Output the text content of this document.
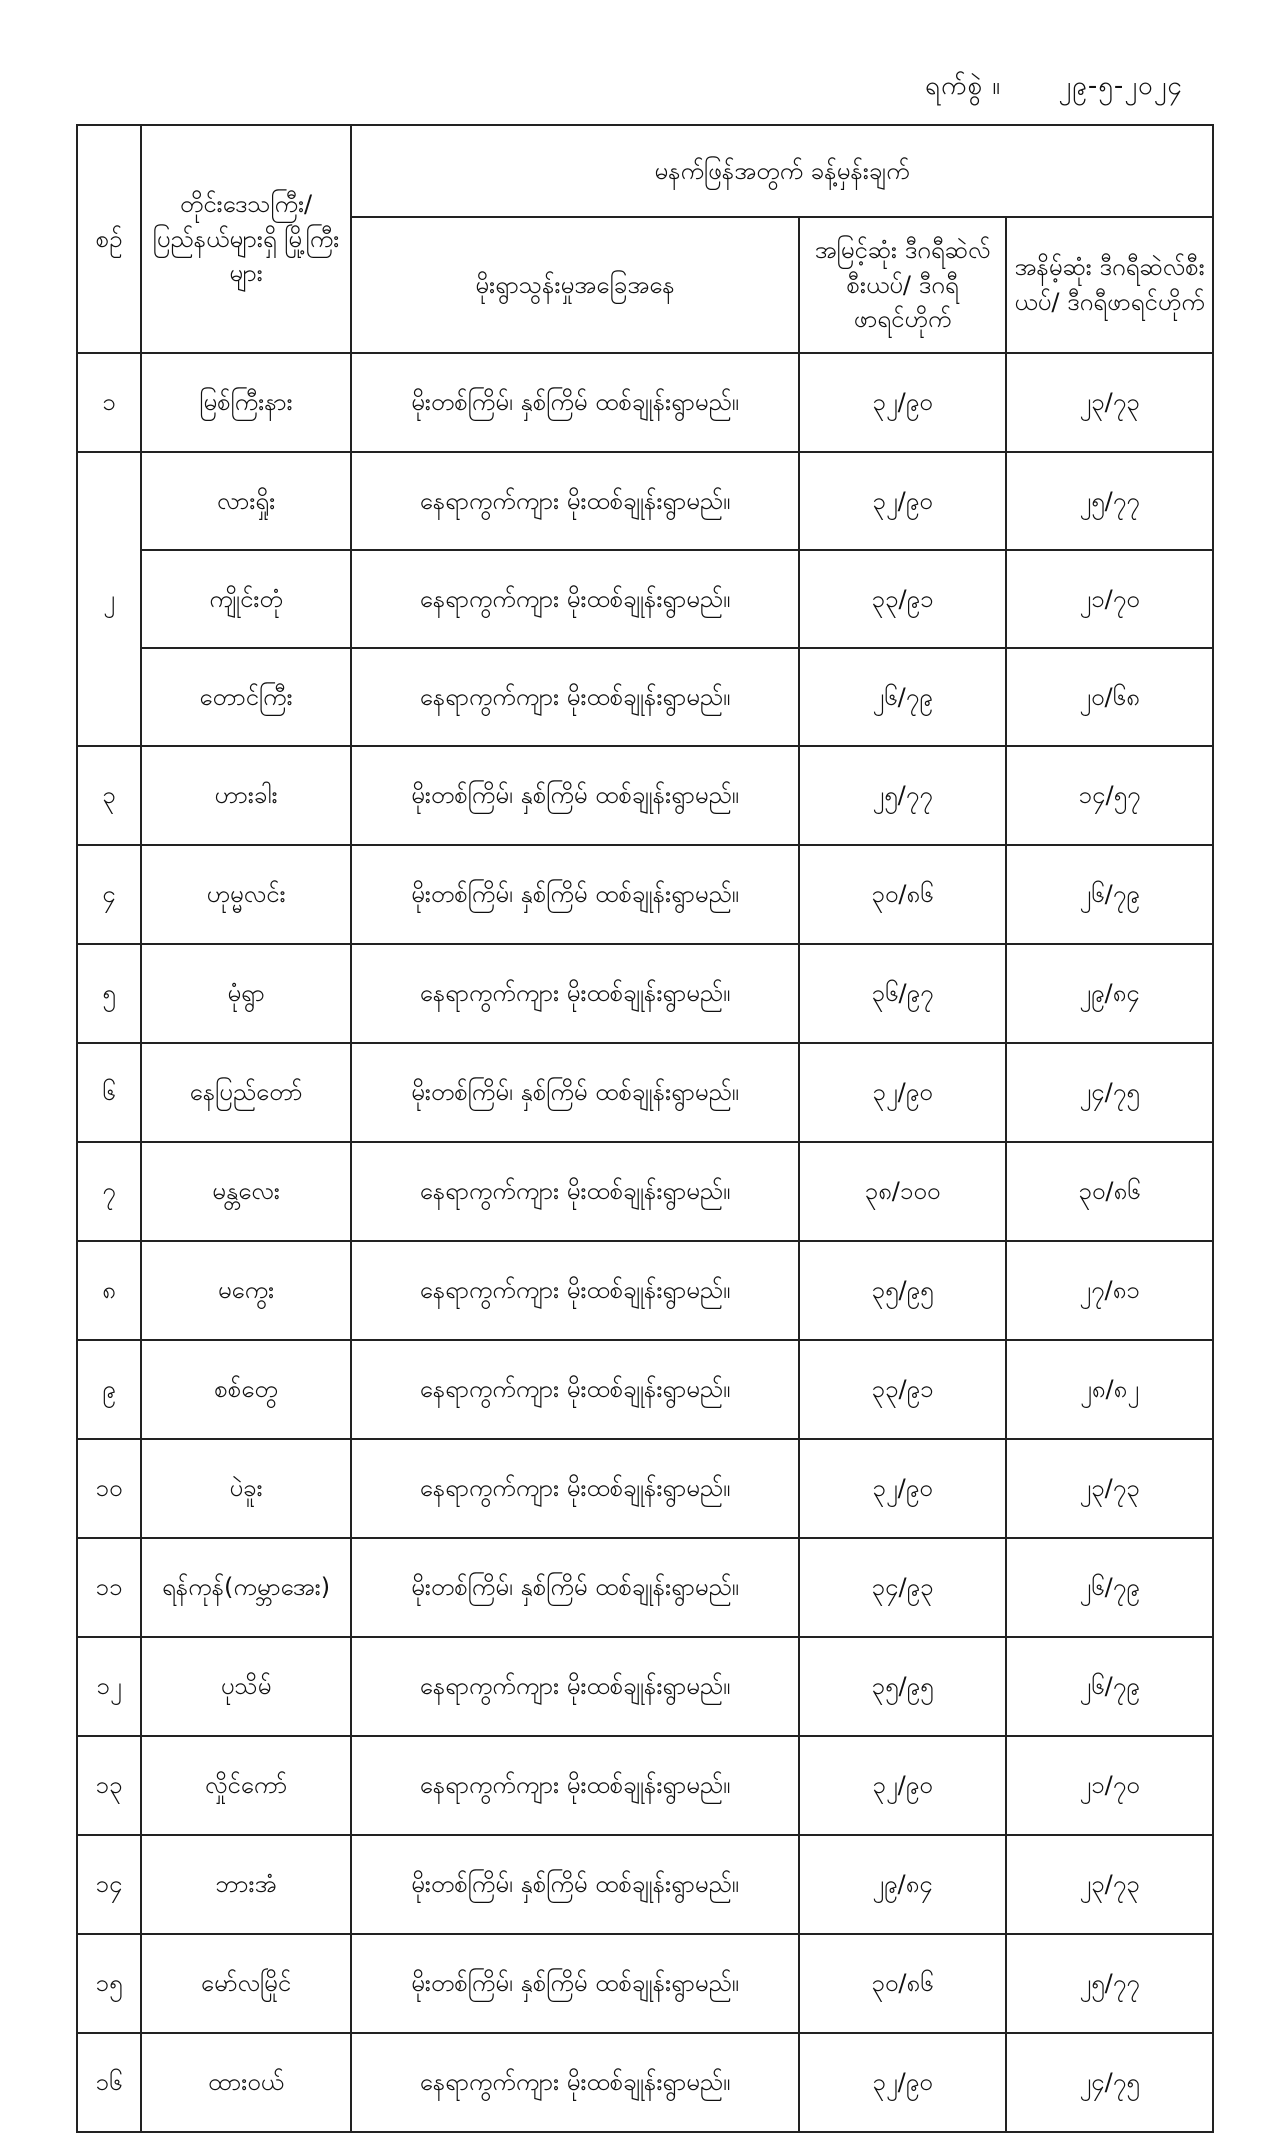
ရက်စွဲ ။ ၂၉-၅-၂၀၂၄
စဉ်	တိုင်းဒေသကြီး/ ပြည်နယ်များရှိ မြို့ကြီးများ	မနက်ဖြန်အတွက် ခန့်မှန်းချက်		
		မိုးရွာသွန်းမှုအခြေအနေ	အမြင့်ဆုံး ဒီဂရီဆဲလ်စီးယပ်/ ဒီဂရီဖာရင်ဟိုက်	အနိမ့်ဆုံး ဒီဂရီဆဲလ်စီးယပ်/ ဒီဂရီဖာရင်ဟိုက်
၁	မြစ်ကြီးနား	မိုးတစ်ကြိမ်၊ နှစ်ကြိမ် ထစ်ချုန်းရွာမည်။	၃၂/၉၀	၂၃/၇၃
၂	လားရှိုး	နေရာကွက်ကျား မိုးထစ်ချုန်းရွာမည်။	၃၂/၉၀	၂၅/၇၇
	ကျိုင်းတုံ	နေရာကွက်ကျား မိုးထစ်ချုန်းရွာမည်။	၃၃/၉၁	၂၁/၇၀
	တောင်ကြီး	နေရာကွက်ကျား မိုးထစ်ချုန်းရွာမည်။	၂၆/၇၉	၂၀/၆၈
၃	ဟားခါး	မိုးတစ်ကြိမ်၊ နှစ်ကြိမ် ထစ်ချုန်းရွာမည်။	၂၅/၇၇	၁၄/၅၇
၄	ဟုမ္မလင်း	မိုးတစ်ကြိမ်၊ နှစ်ကြိမ် ထစ်ချုန်းရွာမည်။	၃၀/၈၆	၂၆/၇၉
၅	မုံရွာ	နေရာကွက်ကျား မိုးထစ်ချုန်းရွာမည်။	၃၆/၉၇	၂၉/၈၄
၆	နေပြည်တော်	မိုးတစ်ကြိမ်၊ နှစ်ကြိမ် ထစ်ချုန်းရွာမည်။	၃၂/၉၀	၂၄/၇၅
၇	မန္တလေး	နေရာကွက်ကျား မိုးထစ်ချုန်းရွာမည်။	၃၈/၁၀၀	၃၀/၈၆
၈	မကွေး	နေရာကွက်ကျား မိုးထစ်ချုန်းရွာမည်။	၃၅/၉၅	၂၇/၈၁
၉	စစ်တွေ	နေရာကွက်ကျား မိုးထစ်ချုန်းရွာမည်။	၃၃/၉၁	၂၈/၈၂
၁၀	ပဲခူး	နေရာကွက်ကျား မိုးထစ်ချုန်းရွာမည်။	၃၂/၉၀	၂၃/၇၃
၁၁	ရန်ကုန်(ကမ္ဘာအေး)	မိုးတစ်ကြိမ်၊ နှစ်ကြိမ် ထစ်ချုန်းရွာမည်။	၃၄/၉၃	၂၆/၇၉
၁၂	ပုသိမ်	နေရာကွက်ကျား မိုးထစ်ချုန်းရွာမည်။	၃၅/၉၅	၂၆/၇၉
၁၃	လှိုင်ကော်	နေရာကွက်ကျား မိုးထစ်ချုန်းရွာမည်။	၃၂/၉၀	၂၁/၇၀
၁၄	ဘားအံ	မိုးတစ်ကြိမ်၊ နှစ်ကြိမ် ထစ်ချုန်းရွာမည်။	၂၉/၈၄	၂၃/၇၃
၁၅	မော်လမြိုင်	မိုးတစ်ကြိမ်၊ နှစ်ကြိမ် ထစ်ချုန်းရွာမည်။	၃၀/၈၆	၂၅/၇၇
၁၆	ထားဝယ်	နေရာကွက်ကျား မိုးထစ်ချုန်းရွာမည်။	၃၂/၉၀	၂၄/၇၅
